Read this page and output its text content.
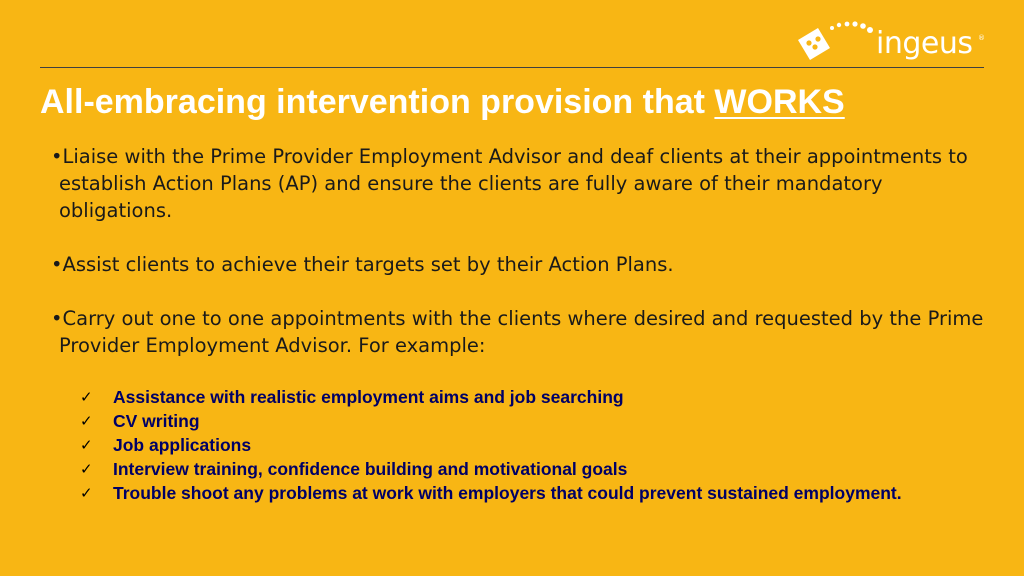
ingeus ®
All-embracing intervention provision that WORKS

•Liaise with the Prime Provider Employment Advisor and deaf clients at their appointments to establish Action Plans (AP) and ensure the clients are fully aware of their mandatory obligations.

•Assist clients to achieve their targets set by their Action Plans.

•Carry out one to one appointments with the clients where desired and requested by the Prime Provider Employment Advisor. For example:

✓ Assistance with realistic employment aims and job searching
✓ CV writing
✓ Job applications
✓ Interview training, confidence building and motivational goals
✓ Trouble shoot any problems at work with employers that could prevent sustained employment.
